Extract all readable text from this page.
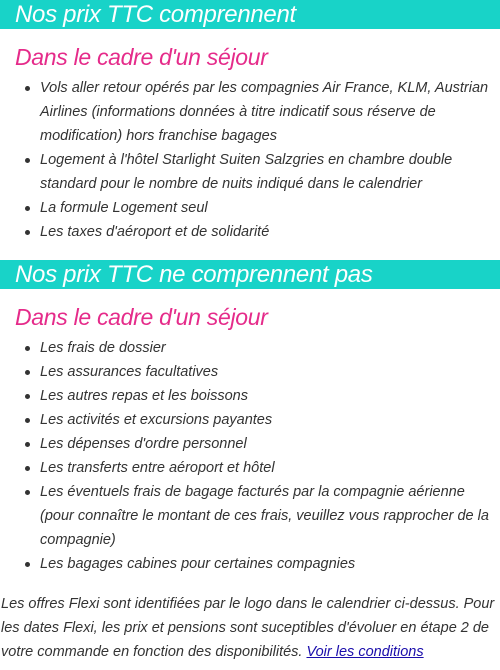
Nos prix TTC comprennent
Dans le cadre d'un séjour
Vols aller retour opérés par les compagnies Air France, KLM, Austrian Airlines (informations données à titre indicatif sous réserve de modification) hors franchise bagages
Logement à l'hôtel Starlight Suiten Salzgries en chambre double standard pour le nombre de nuits indiqué dans le calendrier
La formule Logement seul
Les taxes d'aéroport et de solidarité
Nos prix TTC ne comprennent pas
Dans le cadre d'un séjour
Les frais de dossier
Les assurances facultatives
Les autres repas et les boissons
Les activités et excursions payantes
Les dépenses d'ordre personnel
Les transferts entre aéroport et hôtel
Les éventuels frais de bagage facturés par la compagnie aérienne (pour connaître le montant de ces frais, veuillez vous rapprocher de la compagnie)
Les bagages cabines pour certaines compagnies

Les offres Flexi sont identifiées par le logo dans le calendrier ci-dessus. Pour les dates Flexi, les prix et pensions sont suceptibles d'évoluer en étape 2 de votre commande en fonction des disponibilités. Voir les conditions
